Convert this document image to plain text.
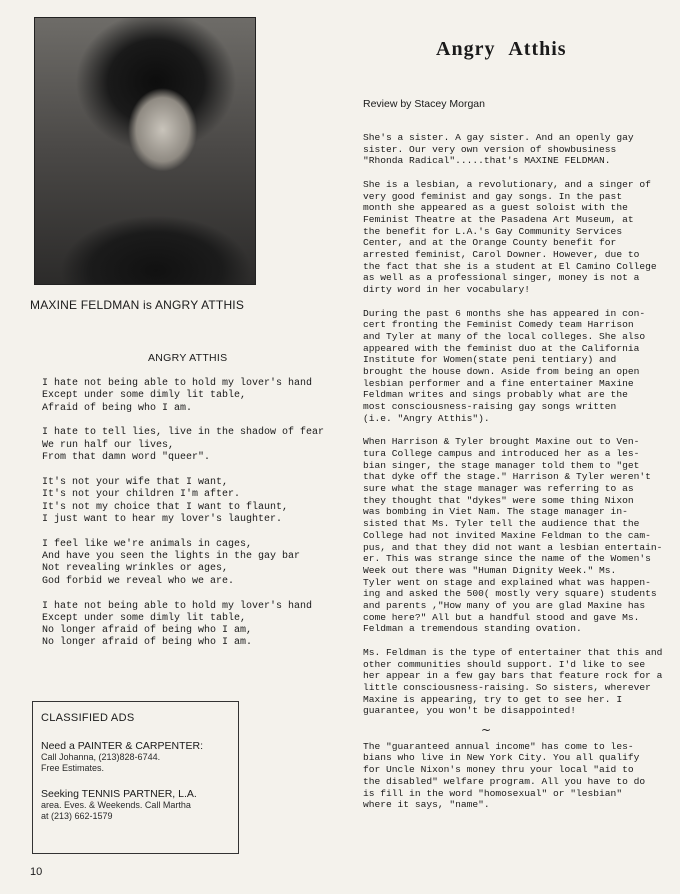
MAXINE FELDMAN is ANGRY ATTHIS
ANGRY ATTHIS
I hate not being able to hold my lover's hand
Except under some dimly lit table,
Afraid of being who I am.
I hate to tell lies, live in the shadow of fear
We run half our lives,
From that damn word "queer".
It's not your wife that I want,
It's not your children I'm after.
It's not my choice that I want to flaunt,
I just want to hear my lover's laughter.
I feel like we're animals in cages,
And have you seen the lights in the gay bar
Not revealing wrinkles or ages,
God forbid we reveal who we are.
I hate not being able to hold my lover's hand
Except under some dimly lit table,
No longer afraid of being who I am,
No longer afraid of being who I am.
CLASSIFIED ADS
Need a PAINTER & CARPENTER:
Call Johanna, (213)828-6744.
Free Estimates.
Seeking TENNIS PARTNER, L.A.
area. Eves. & Weekends. Call Martha
at (213) 662-1579
10
Angry Atthis
Review by Stacey Morgan
She's a sister. A gay sister. And an openly gay
sister. Our very own version of showbusiness
"Rhonda Radical".....that's MAXINE FELDMAN.
She is a lesbian, a revolutionary, and a singer of
very good feminist and gay songs. In the past
month she appeared as a guest soloist with the
Feminist Theatre at the Pasadena Art Museum, at
the benefit for L.A.'s Gay Community Services
Center, and at the Orange County benefit for
arrested feminist, Carol Downer. However, due to
the fact that she is a student at El Camino College
as well as a professional singer, money is not a
dirty word in her vocabulary!
During the past 6 months she has appeared in con-
cert fronting the Feminist Comedy team Harrison
and Tyler at many of the local colleges. She also
appeared with the feminist duo at the California
Institute for Women(state peni tentiary) and
brought the house down. Aside from being an open
lesbian performer and a fine entertainer Maxine
Feldman writes and sings probably what are the
most consciousness-raising gay songs written
(i.e. "Angry Atthis").
When Harrison & Tyler brought Maxine out to Ven-
tura College campus and introduced her as a les-
bian singer, the stage manager told them to "get
that dyke off the stage." Harrison & Tyler weren't
sure what the stage manager was referring to as
they thought that "dykes" were some thing Nixon
was bombing in Viet Nam. The stage manager in-
sisted that Ms. Tyler tell the audience that the
College had not invited Maxine Feldman to the cam-
pus, and that they did not want a lesbian entertain-
er. This was strange since the name of the Women's
Week out there was "Human Dignity Week." Ms.
Tyler went on stage and explained what was happen-
ing and asked the 500( mostly very square) students
and parents ,"How many of you are glad Maxine has
come here?" All but a handful stood and gave Ms.
Feldman a tremendous standing ovation.
Ms. Feldman is the type of entertainer that this and
other communities should support. I'd like to see
her appear in a few gay bars that feature rock for a
little consciousness-raising. So sisters, wherever
Maxine is appearing, try to get to see her. I
guarantee, you won't be disappointed!
~
The "guaranteed annual income" has come to les-
bians who live in New York City. You all qualify
for Uncle Nixon's money thru your local "aid to
the disabled" welfare program. All you have to do
is fill in the word "homosexual" or "lesbian"
where it says, "name".
